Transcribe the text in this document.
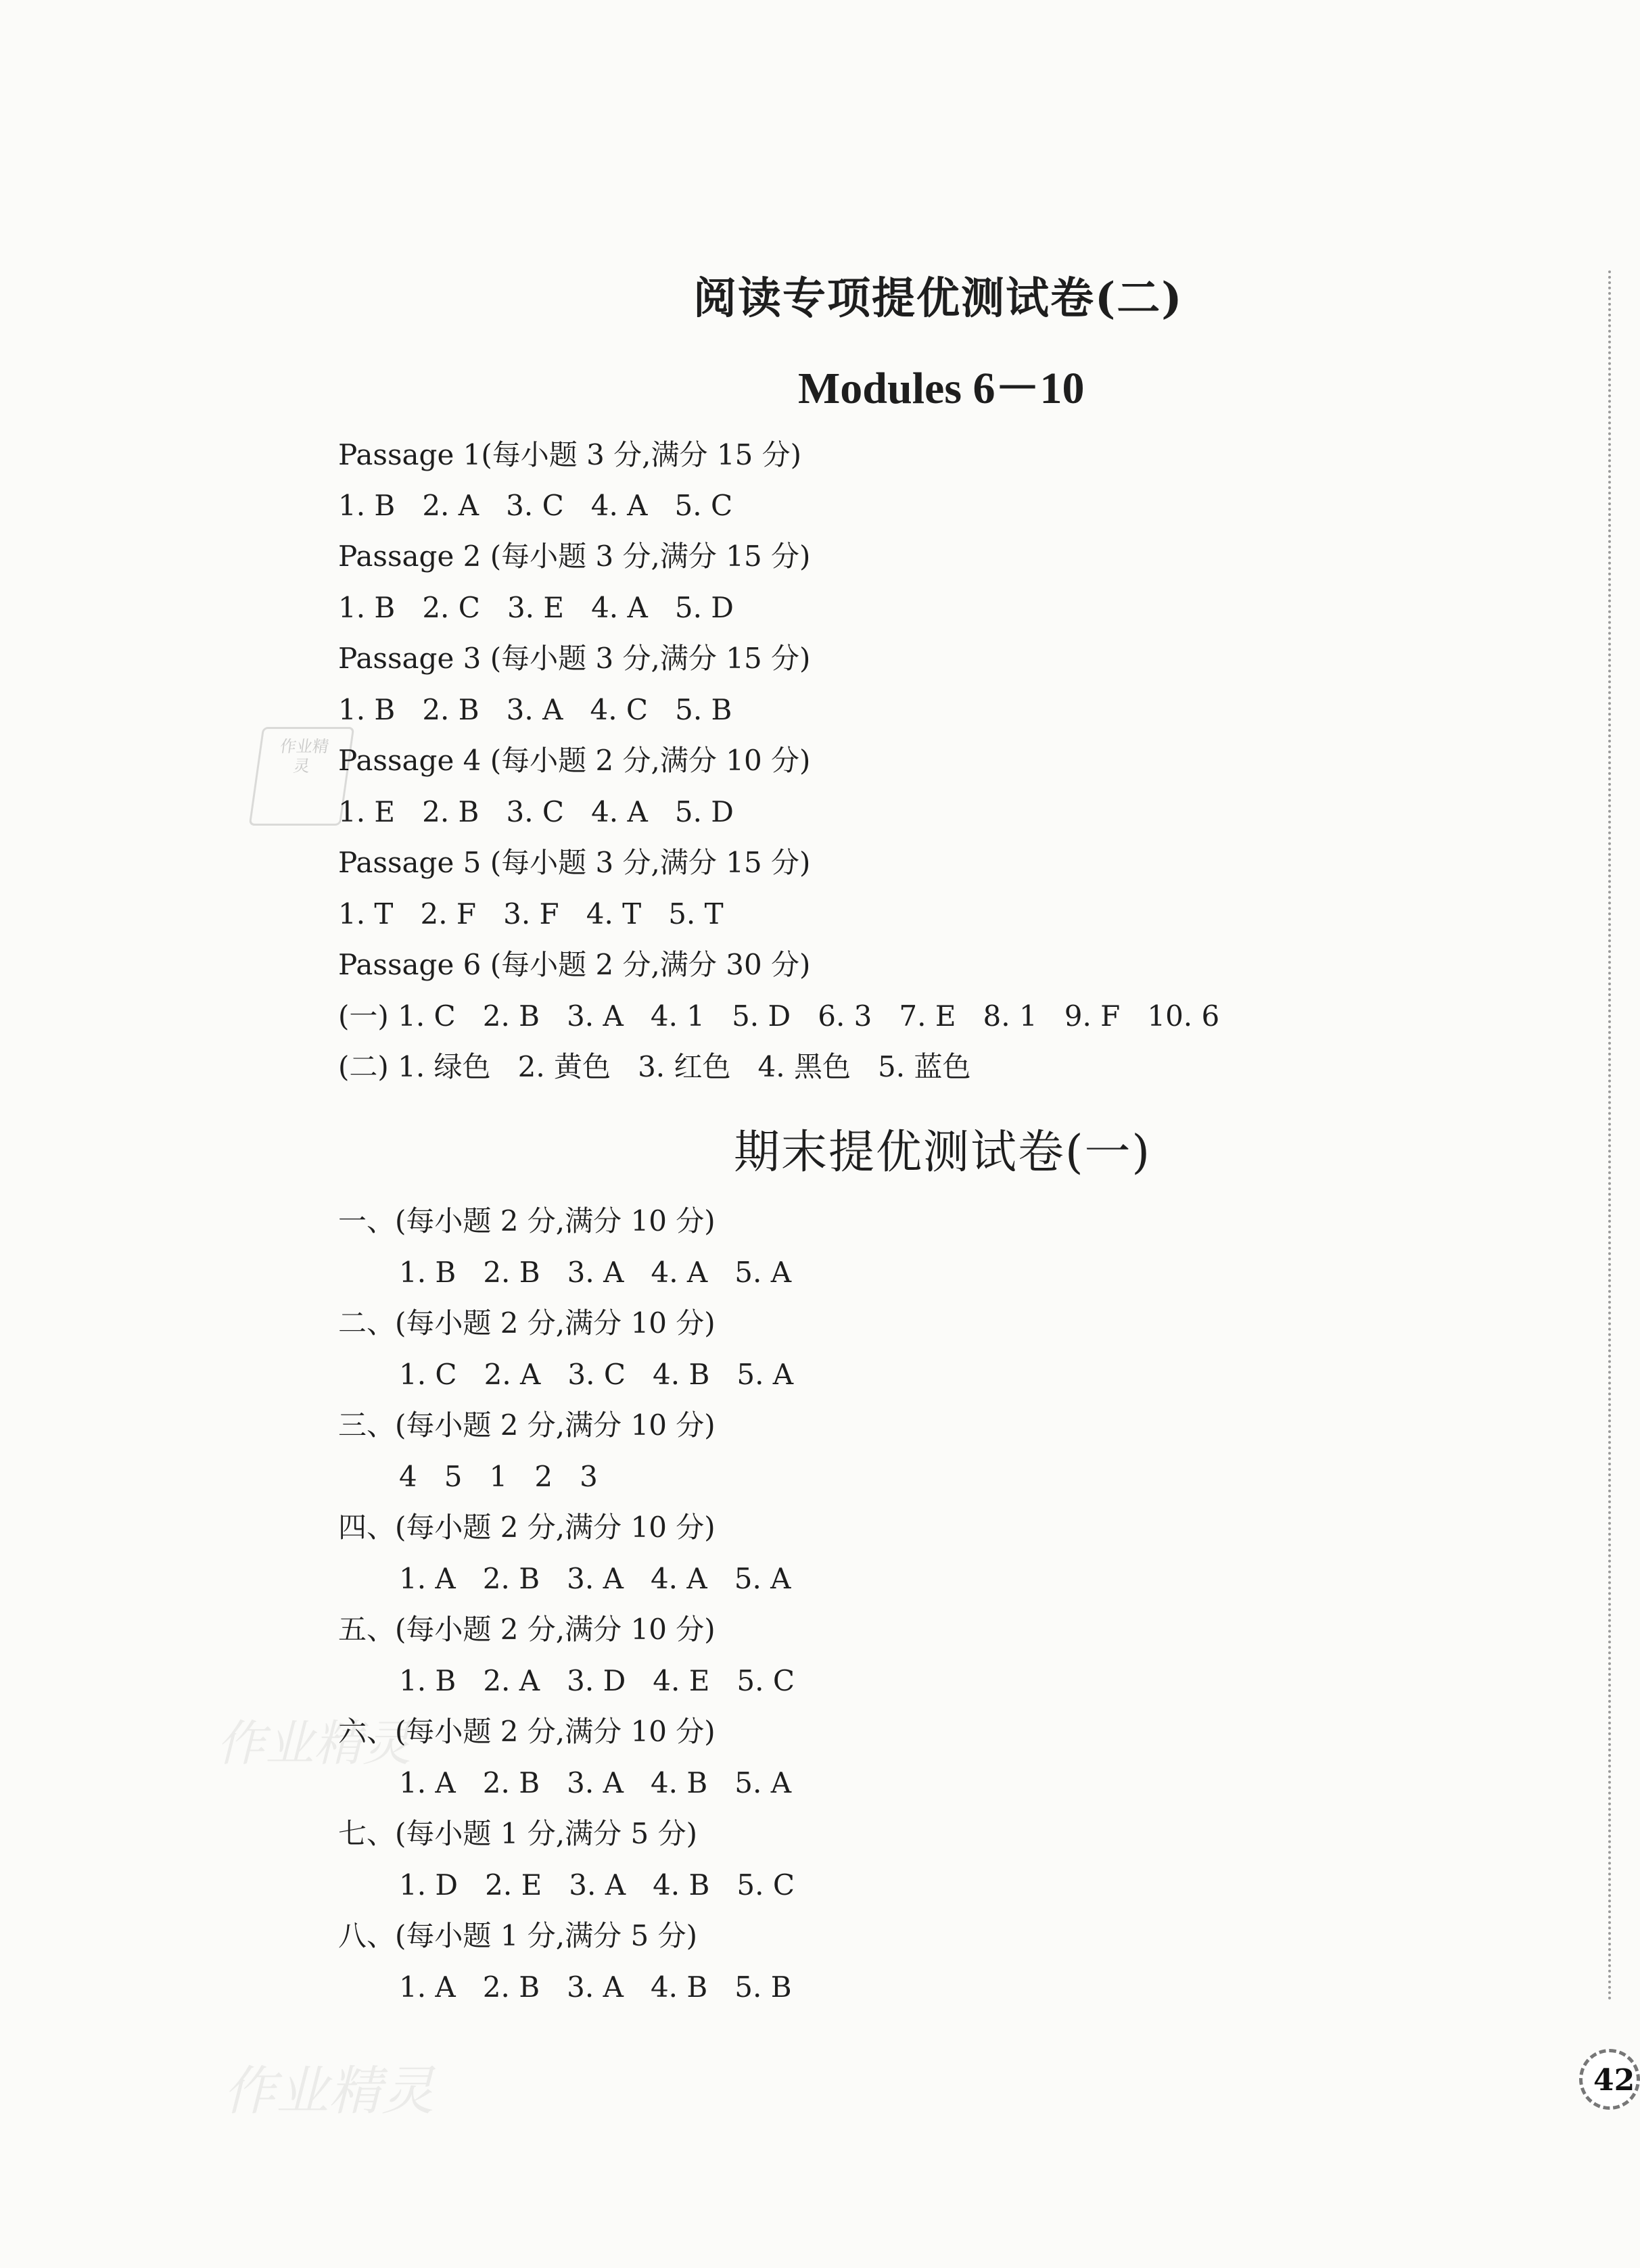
作业精灵
作业精灵
作业精灵
阅读专项提优测试卷(二)
Modules 6－10
Passage 1(每小题 3 分,满分 15 分)
1. B   2. A   3. C   4. A   5. C
Passage 2 (每小题 3 分,满分 15 分)
1. B   2. C   3. E   4. A   5. D
Passage 3 (每小题 3 分,满分 15 分)
1. B   2. B   3. A   4. C   5. B
Passage 4 (每小题 2 分,满分 10 分)
1. E   2. B   3. C   4. A   5. D
Passage 5 (每小题 3 分,满分 15 分)
1. T   2. F   3. F   4. T   5. T
Passage 6 (每小题 2 分,满分 30 分)
(一) 1. C   2. B   3. A   4. 1   5. D   6. 3   7. E   8. 1   9. F   10. 6
(二) 1. 绿色   2. 黄色   3. 红色   4. 黑色   5. 蓝色
期末提优测试卷(一)
一、(每小题 2 分,满分 10 分)
1. B   2. B   3. A   4. A   5. A
二、(每小题 2 分,满分 10 分)
1. C   2. A   3. C   4. B   5. A
三、(每小题 2 分,满分 10 分)
4   5   1   2   3
四、(每小题 2 分,满分 10 分)
1. A   2. B   3. A   4. A   5. A
五、(每小题 2 分,满分 10 分)
1. B   2. A   3. D   4. E   5. C
六、(每小题 2 分,满分 10 分)
1. A   2. B   3. A   4. B   5. A
七、(每小题 1 分,满分 5 分)
1. D   2. E   3. A   4. B   5. C
八、(每小题 1 分,满分 5 分)
1. A   2. B   3. A   4. B   5. B
42
